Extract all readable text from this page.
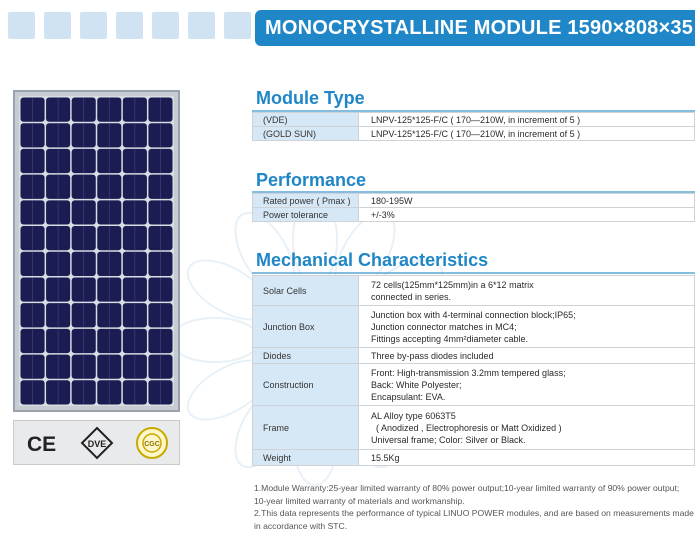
MONOCRYSTALLINE MODULE 1590×808×35
CE	DVE	CGC
Module Type
(VDE)	LNPV-125*125-F/C ( 170—210W, in increment of 5 )
(GOLD SUN)	LNPV-125*125-F/C ( 170—210W, in increment of 5 )
Performance
Rated power ( Pmax )	180-195W
Power tolerance	+/-3%
Mechanical Characteristics
Solar Cells	72 cells(125mm*125mm)in a 6*12 matrix
connected in series.

Junction Box	Junction box with 4-terminal connection block;IP65;
Junction connector matches in MC4;
Fittings accepting 4mm²diameter cable.

Diodes	Three by-pass diodes included

Construction	Front: High-transmission 3.2mm tempered glass;
Back: White Polyester;
Encapsulant: EVA.

Frame	AL Alloy type 6063T5
( Anodized , Electrophoresis or Matt Oxidized )
Universal frame; Color: Silver or Black.

Weight	15.5Kg
1.Module Warranty:25-year limited warranty of 80% power output;10-year limited warranty of 90% power output; 10-year limited warranty of materials and workmanship.
2.This data represents the performance of typical LINUO POWER modules, and are based on measurements made in accordance with STC.
